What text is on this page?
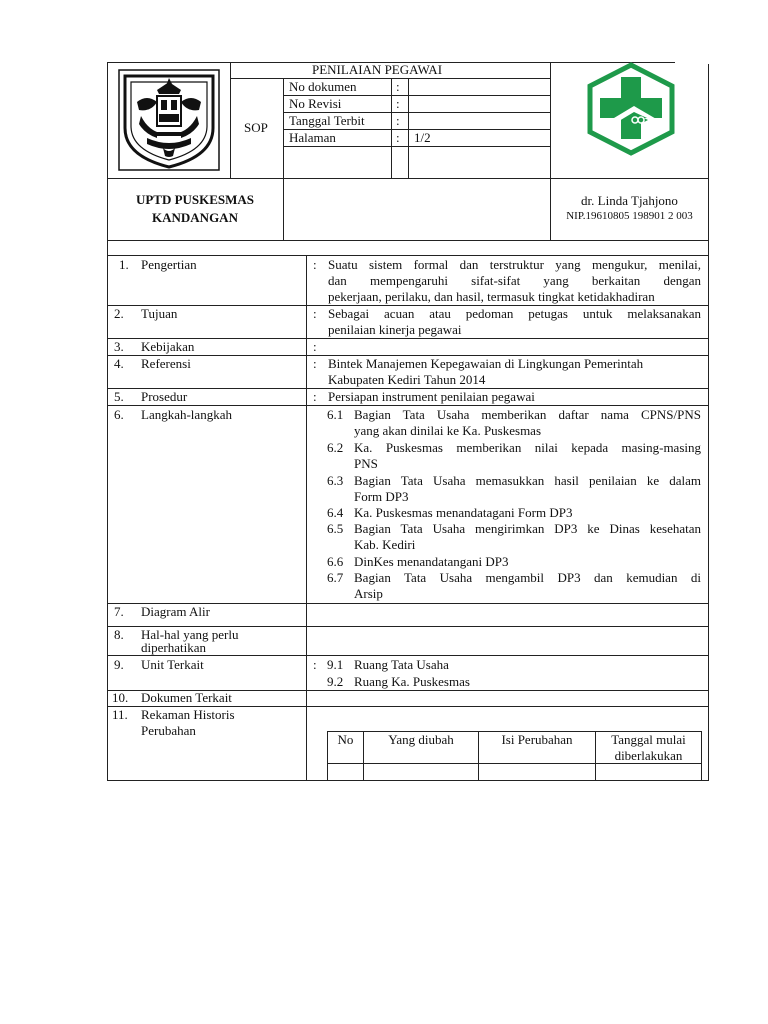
PENILAIAN PEGAWAI
SOP
No dokumen	:
No Revisi	:
Tanggal Terbit :
Halaman	: 1/2
UPTD PUSKESMAS
KANDANGAN
dr. Linda Tjahjono
NIP.19610805 198901 2 003
1. Pengertian	: Suatu sistem formal dan terstruktur yang mengukur, menilai,
dan mempengaruhi sifat-sifat yang berkaitan dengan
pekerjaan, perilaku, dan hasil, termasuk tingkat ketidakhadiran
2. Tujuan	: Sebagai acuan atau pedoman petugas untuk melaksanakan
penilaian kinerja pegawai
3. Kebijakan	:
4. Referensi	: Bintek Manajemen Kepegawaian di Lingkungan Pemerintah
Kabupaten Kediri Tahun 2014
5. Prosedur	: Persiapan instrument penilaian pegawai
6. Langkah-langkah	6.1 Bagian Tata Usaha memberikan daftar nama CPNS/PNS
yang akan dinilai ke Ka. Puskesmas
6.2 Ka. Puskesmas memberikan nilai kepada masing-masing
PNS
6.3 Bagian Tata Usaha memasukkan hasil penilaian ke dalam
Form DP3
6.4 Ka. Puskesmas menandatagani Form DP3
6.5 Bagian Tata Usaha mengirimkan DP3 ke Dinas kesehatan
Kab. Kediri
6.6 DinKes menandatangani DP3
6.7 Bagian Tata Usaha mengambil DP3 dan kemudian di
Arsip
7. Diagram Alir
8. Hal-hal yang perlu
diperhatikan
9. Unit Terkait	: 9.1 Ruang Tata Usaha
9.2 Ruang Ka. Puskesmas
10. Dokumen Terkait
11. Rekaman Historis
Perubahan
No	Yang diubah	Isi Perubahan	Tanggal mulai
diberlakukan
